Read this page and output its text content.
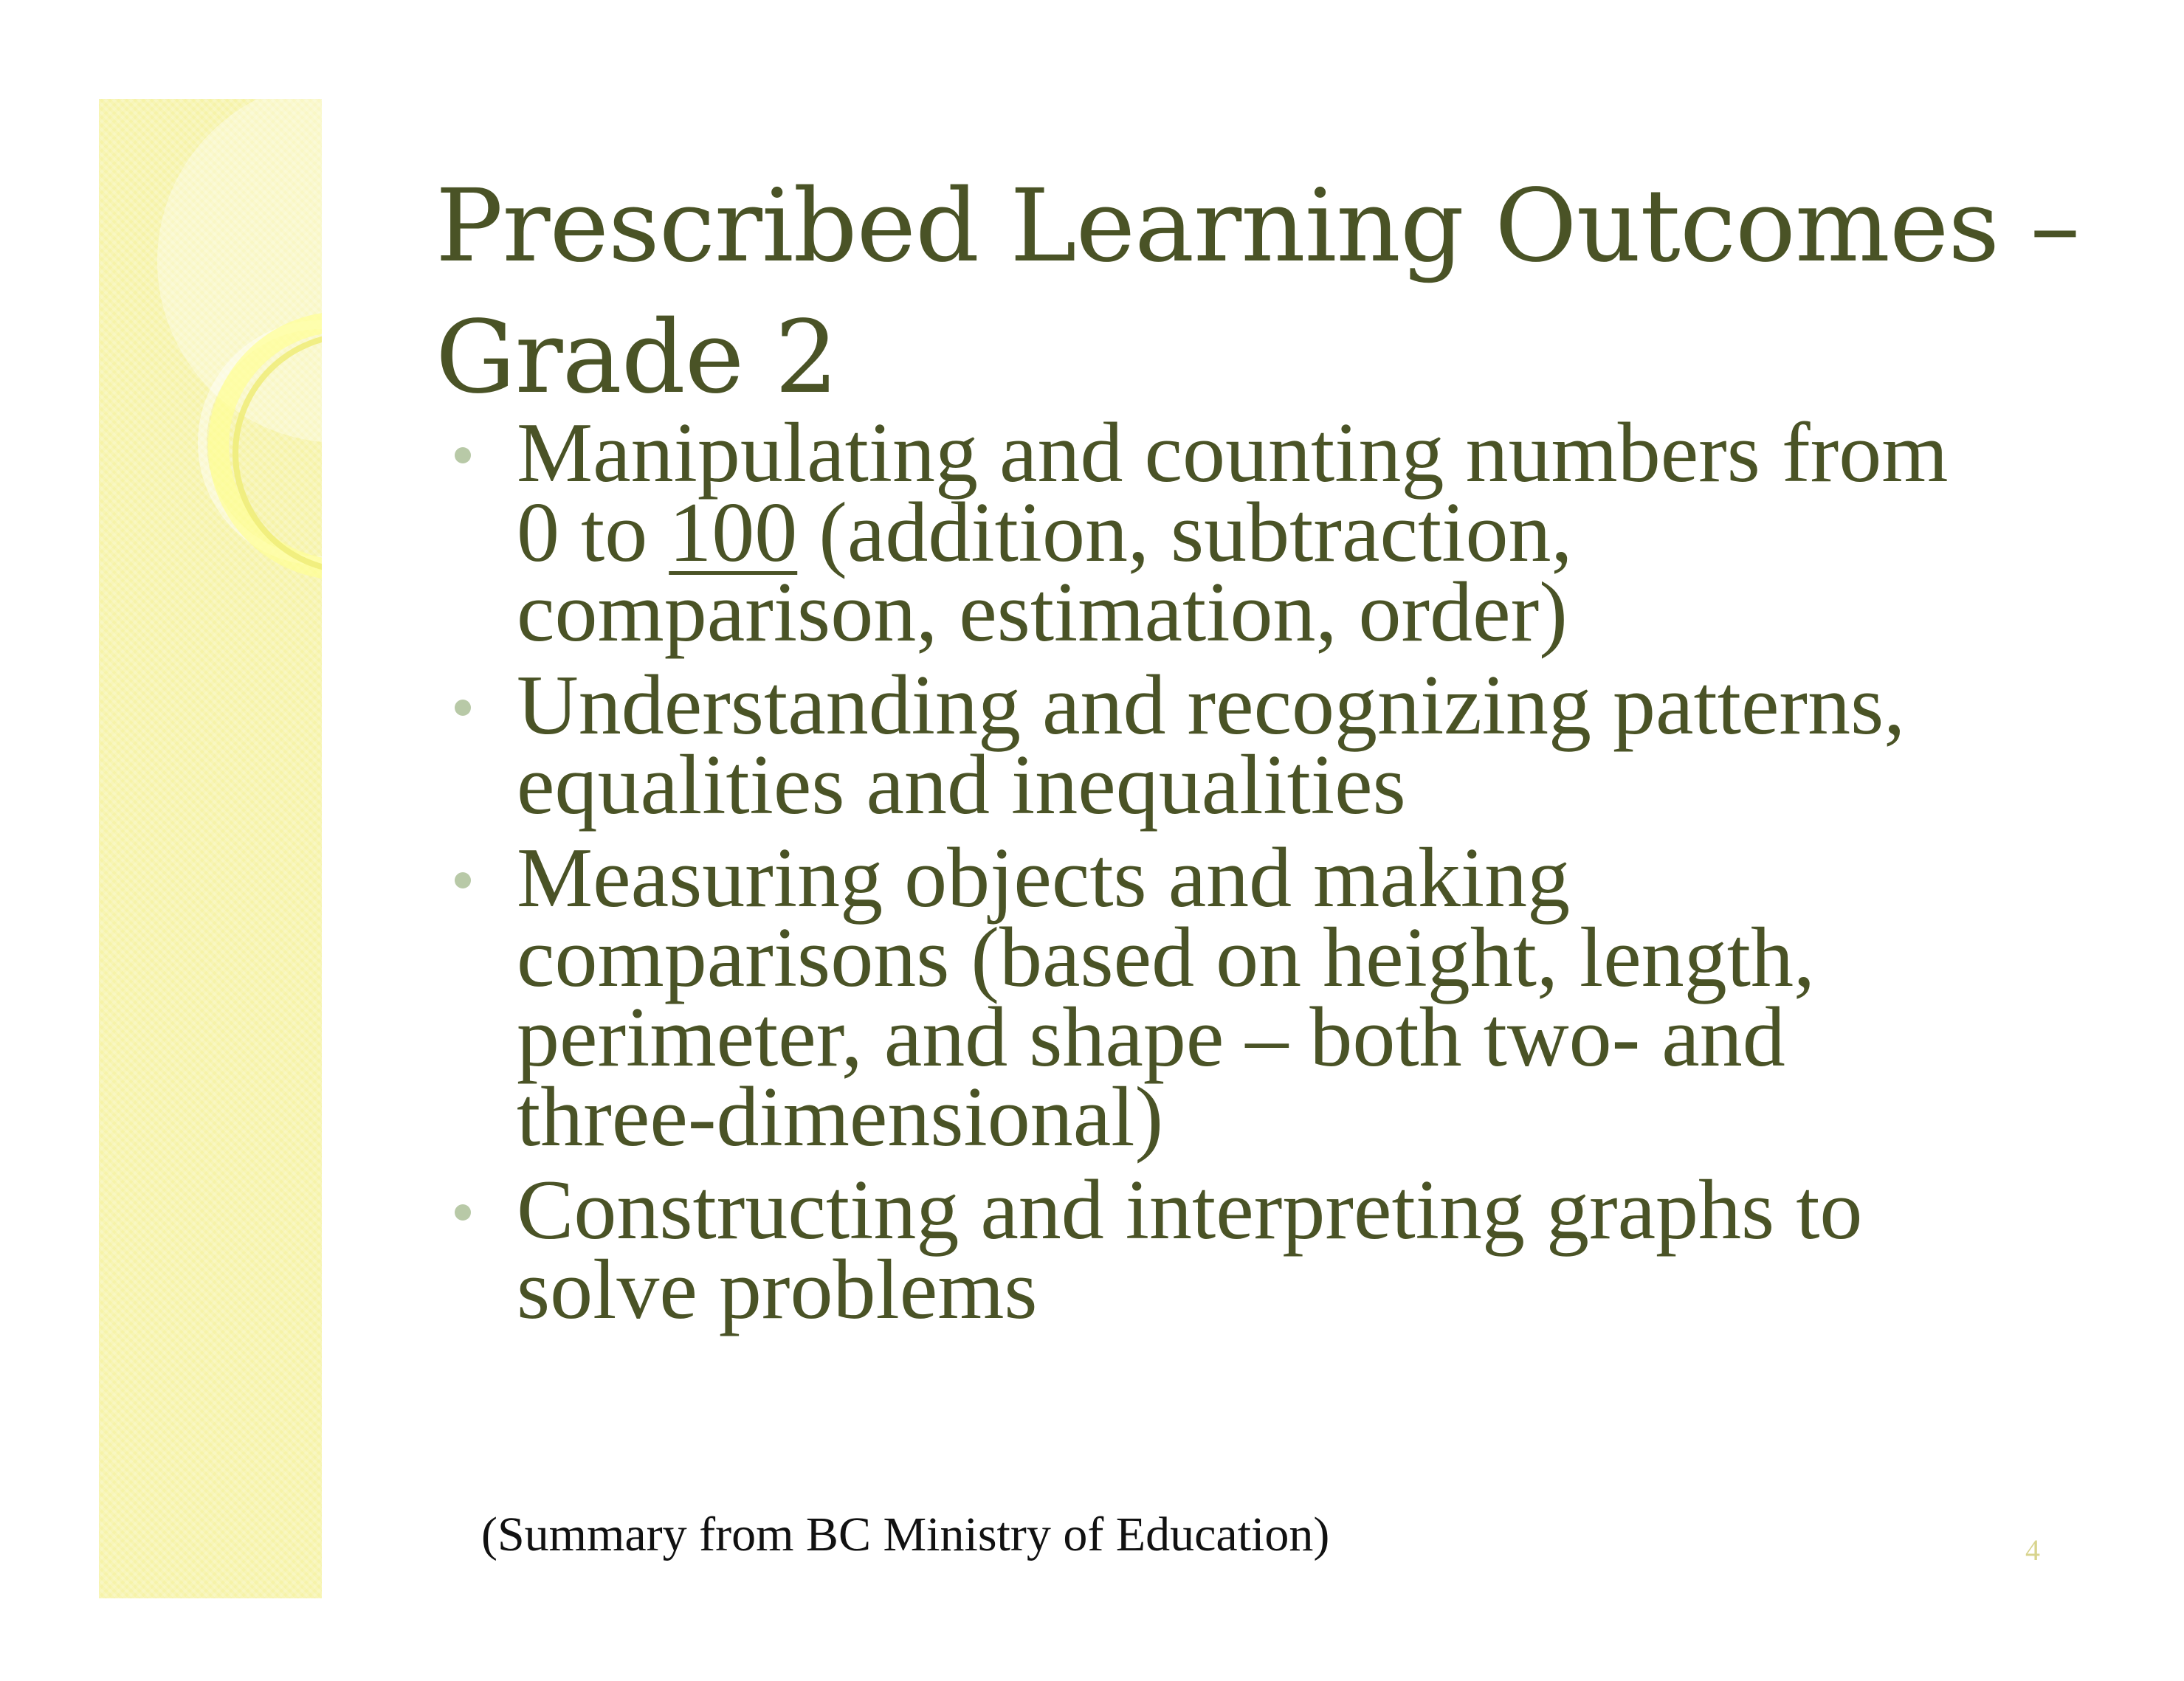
Prescribed Learning Outcomes –
Grade 2
Manipulating and counting numbers from
0 to 100 (addition, subtraction,
comparison, estimation, order)
Understanding and recognizing patterns,
equalities and inequalities
Measuring objects and making
comparisons (based on height, length,
perimeter, and shape – both two- and
three-dimensional)
Constructing and interpreting graphs to
solve problems
(Summary from BC Ministry of Education)	4
